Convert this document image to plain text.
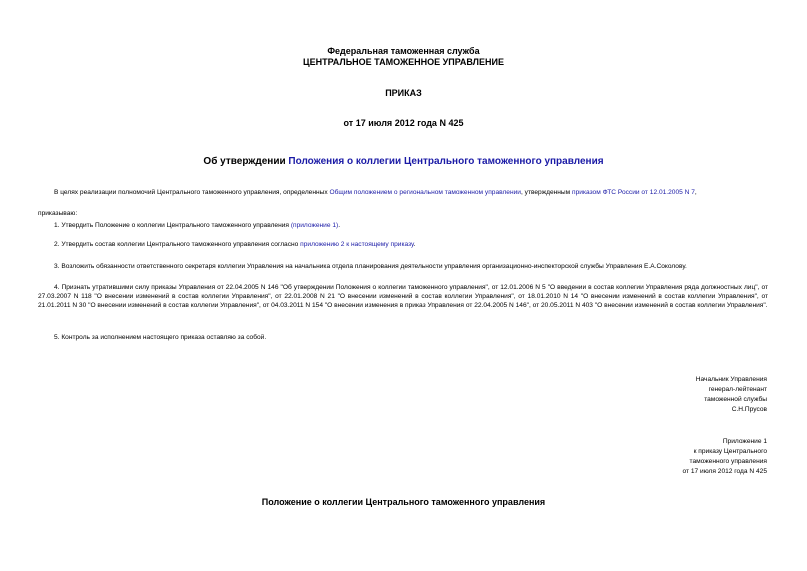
Федеральная таможенная служба
ЦЕНТРАЛЬНОЕ ТАМОЖЕННОЕ УПРАВЛЕНИЕ
ПРИКАЗ
от 17 июля 2012 года N 425
Об утверждении Положения о коллегии Центрального таможенного управления
В целях реализации полномочий Центрального таможенного управления, определенных Общим положением о региональном таможенном управлении, утвержденным приказом ФТС России от 12.01.2005 N 7,
приказываю:
1. Утвердить Положение о коллегии Центрального таможенного управления (приложение 1).
2. Утвердить состав коллегии Центрального таможенного управления согласно приложению 2 к настоящему приказу.
3. Возложить обязанности ответственного секретаря коллегии Управления на начальника отдела планирования деятельности управления организационно-инспекторской службы Управления Е.А.Соколову.
4. Признать утратившими силу приказы Управления от 22.04.2005 N 146 "Об утверждении Положения о коллегии таможенного управления", от 12.01.2006 N 5 "О введении в состав коллегии Управления ряда должностных лиц", от 27.03.2007 N 118 "О внесении изменений в состав коллегии Управления", от 22.01.2008 N 21 "О внесении изменений в состав коллегии Управления", от 18.01.2010 N 14 "О внесении изменений в состав коллегии Управления", от 21.01.2011 N 30 "О внесении изменений в состав коллегии Управления", от 04.03.2011 N 154 "О внесении изменения в приказ Управления от 22.04.2005 N 146", от 20.05.2011 N 403 "О внесении изменений в состав коллегии Управления".
5. Контроль за исполнением настоящего приказа оставляю за собой.
Начальник Управления
генерал-лейтенант
таможенной службы
С.Н.Прусов
Приложение 1
к приказу Центрального
таможенного управления
от 17 июля 2012 года N 425
Положение о коллегии Центрального таможенного управления
